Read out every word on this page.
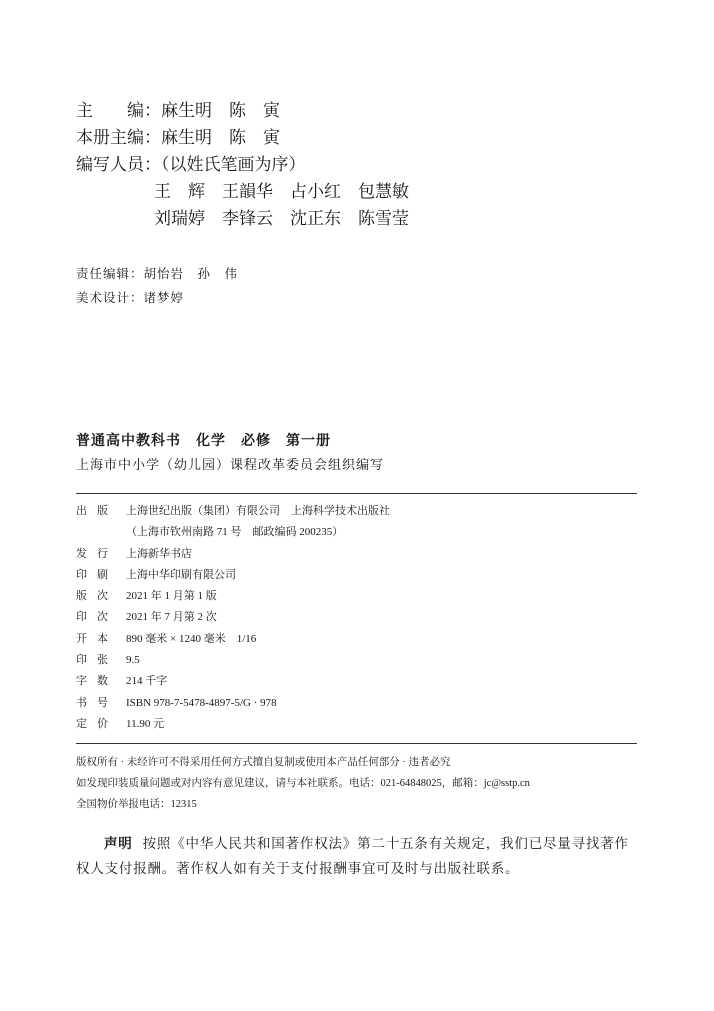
主　　编：麻生明　陈　寅
本册主编：麻生明　陈　寅
编写人员：（以姓氏笔画为序）
王　辉　王韻华　占小红　包慧敏
刘瑞婷　李锋云　沈正东　陈雪莹
责任编辑：胡怡岩　孙　伟
美术设计：诸梦婷
普通高中教科书　化学　必修　第一册
上海市中小学（幼儿园）课程改革委员会组织编写
出版 上海世纪出版（集团）有限公司　上海科学技术出版社
（上海市钦州南路 71 号　邮政编码 200235）
发行 上海新华书店
印刷 上海中华印刷有限公司
版次 2021 年 1 月第 1 版
印次 2021 年 7 月第 2 次
开本 890 毫米 × 1240 毫米　1/16
印张 9.5
字数 214 千字
书号 ISBN 978-7-5478-4897-5/G · 978
定价 11.90 元
版权所有 · 未经许可不得采用任何方式擅自复制或使用本产品任何部分 · 违者必究
如发现印装质量问题或对内容有意见建议，请与本社联系。电话：021-64848025，邮箱：jc@sstp.cn
全国物价举报电话：12315
声明 按照《中华人民共和国著作权法》第二十五条有关规定，我们已尽量寻找著作权人支付报酬。著作权人如有关于支付报酬事宜可及时与出版社联系。
